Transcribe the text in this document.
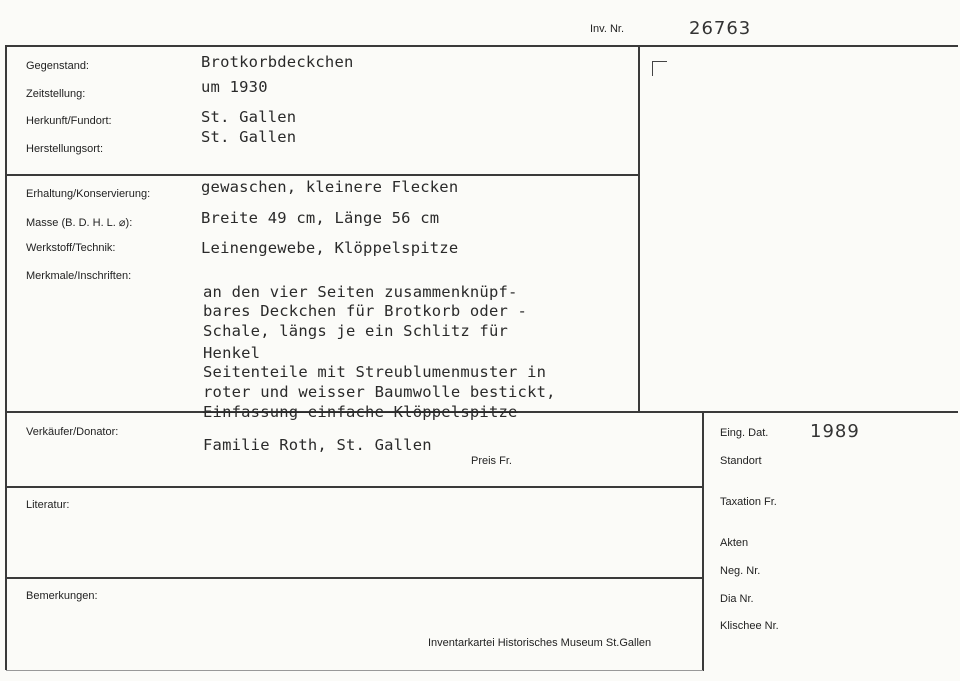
Inv. Nr.	26763
Gegenstand:
Zeitstellung:
Herkunft/Fundort:
Herstellungsort:
Brotkorbdeckchen
um 1930
St. Gallen
St. Gallen
Erhaltung/Konservierung:
Masse (B. D. H. L. ⌀):
Werkstoff/Technik:
Merkmale/Inschriften:
gewaschen, kleinere Flecken
Breite 49 cm, Länge 56 cm
Leinengewebe, Klöppelspitze
an den vier Seiten zusammenknüpf-
bares Deckchen für Brotkorb oder -
Schale, längs je ein Schlitz für
Henkel
Seitenteile mit Streublumenmuster in
roter und weisser Baumwolle bestickt,
Einfassung einfache Klöppelspitze
Verkäufer/Donator:
Familie Roth, St. Gallen
Preis Fr.
Literatur:
Bemerkungen:
Inventarkartei Historisches Museum St.Gallen
Eing. Dat. 1989
Standort
Taxation Fr.
Akten
Neg. Nr.
Dia Nr.
Klischee Nr.
